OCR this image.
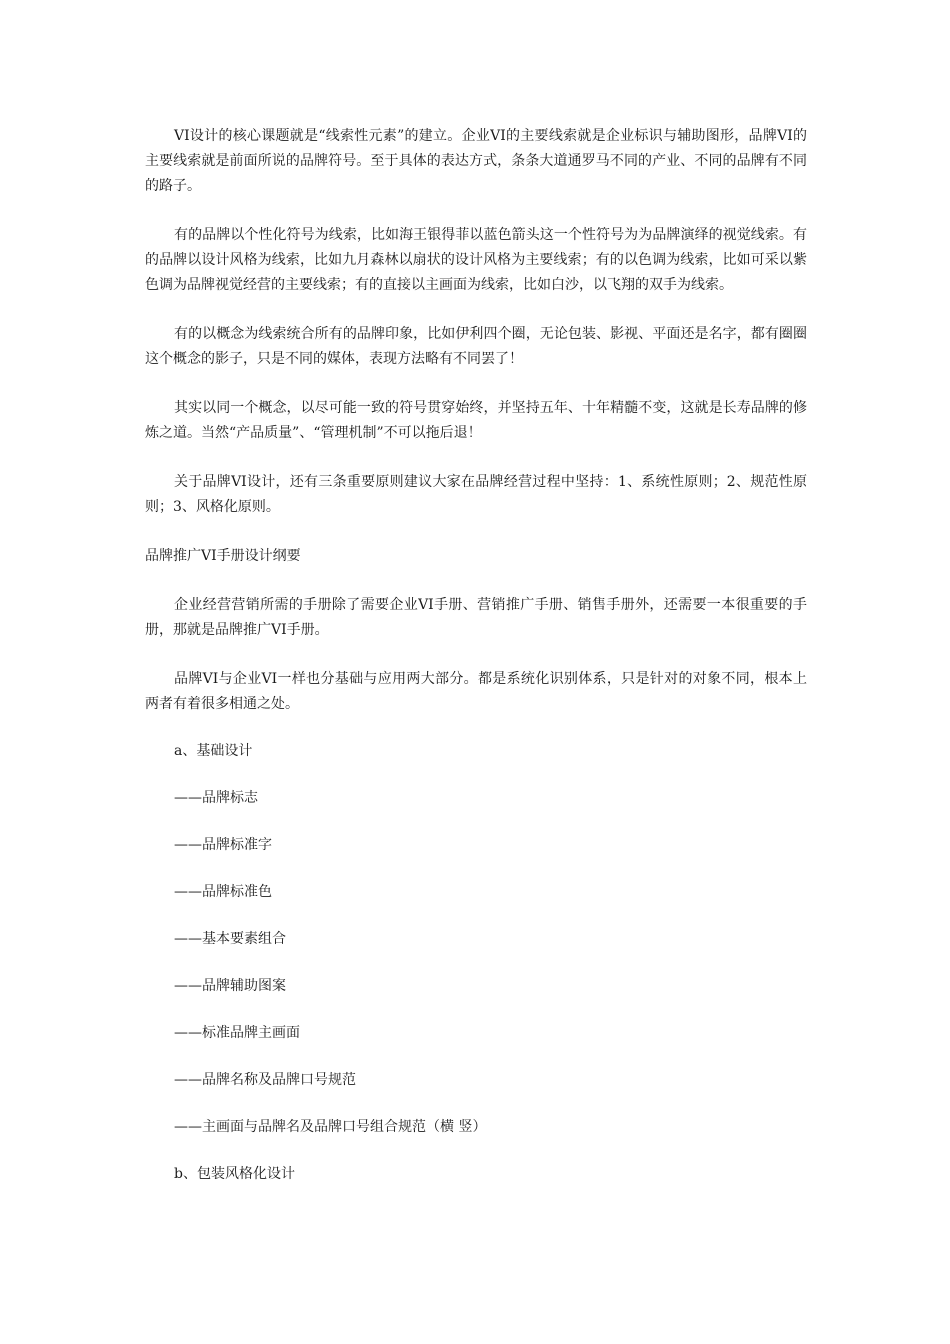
VI设计的核心课题就是“线索性元素”的建立。企业VI的主要线索就是企业标识与辅助图形，品牌VI的主要线索就是前面所说的品牌符号。至于具体的表达方式，条条大道通罗马不同的产业、不同的品牌有不同的路子。

有的品牌以个性化符号为线索，比如海王银得菲以蓝色箭头这一个性符号为为品牌演绎的视觉线索。有的品牌以设计风格为线索，比如九月森林以扇状的设计风格为主要线索；有的以色调为线索，比如可采以紫色调为品牌视觉经营的主要线索；有的直接以主画面为线索，比如白沙，以飞翔的双手为线索。

有的以概念为线索统合所有的品牌印象，比如伊利四个圈，无论包装、影视、平面还是名字，都有圈圈这个概念的影子，只是不同的媒体，表现方法略有不同罢了！

其实以同一个概念，以尽可能一致的符号贯穿始终，并坚持五年、十年精髓不变，这就是长寿品牌的修炼之道。当然“产品质量”、“管理机制”不可以拖后退！

关于品牌VI设计，还有三条重要原则建议大家在品牌经营过程中坚持：1、系统性原则；2、规范性原则；3、风格化原则。

品牌推广VI手册设计纲要

企业经营营销所需的手册除了需要企业VI手册、营销推广手册、销售手册外，还需要一本很重要的手册，那就是品牌推广VI手册。

品牌VI与企业VI一样也分基础与应用两大部分。都是系统化识别体系，只是针对的对象不同，根本上两者有着很多相通之处。

a、基础设计

——品牌标志

——品牌标准字

——品牌标准色

——基本要素组合

——品牌辅助图案

——标准品牌主画面

——品牌名称及品牌口号规范

——主画面与品牌名及品牌口号组合规范（横 竖）

b、包装风格化设计
